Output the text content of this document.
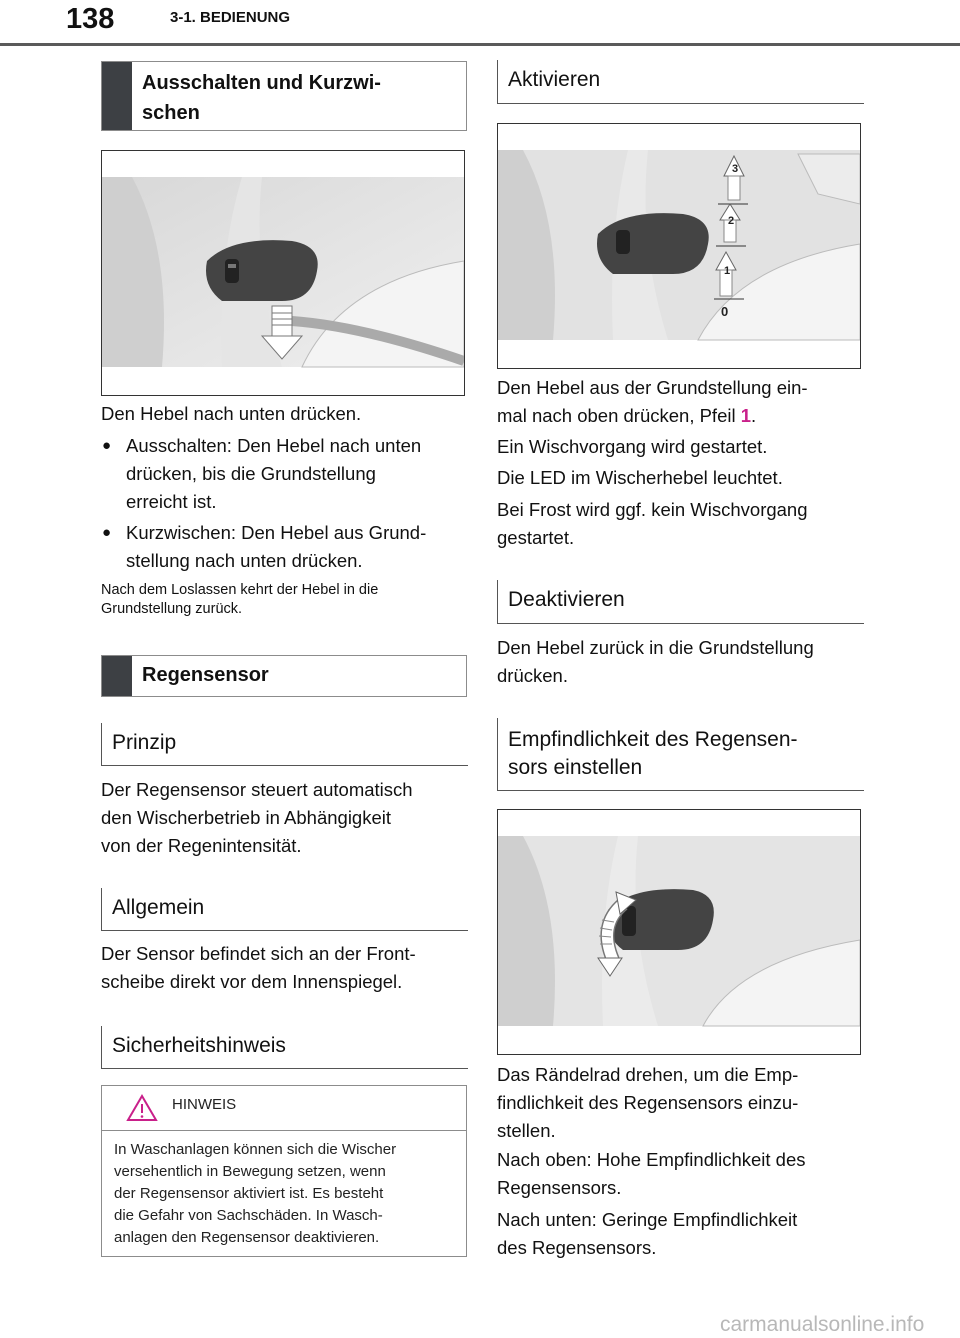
138	3-1. BEDIENUNG
Ausschalten und Kurzwi-
schen
Den Hebel nach unten drücken.
● Ausschalten: Den Hebel nach unten
drücken, bis die Grundstellung
erreicht ist.
● Kurzwischen: Den Hebel aus Grund-
stellung nach unten drücken.
Nach dem Loslassen kehrt der Hebel in die
Grundstellung zurück.
Regensensor
Prinzip
Der Regensensor steuert automatisch
den Wischerbetrieb in Abhängigkeit
von der Regenintensität.
Allgemein
Der Sensor befindet sich an der Front-
scheibe direkt vor dem Innenspiegel.
Sicherheitshinweis
HINWEIS
In Waschanlagen können sich die Wischer
versehentlich in Bewegung setzen, wenn
der Regensensor aktiviert ist. Es besteht
die Gefahr von Sachschäden. In Wasch-
anlagen den Regensensor deaktivieren.
Aktivieren
3
2
1
0
Den Hebel aus der Grundstellung ein-
mal nach oben drücken, Pfeil 1.
Ein Wischvorgang wird gestartet.
Die LED im Wischerhebel leuchtet.
Bei Frost wird ggf. kein Wischvorgang
gestartet.
Deaktivieren
Den Hebel zurück in die Grundstellung
drücken.
Empfindlichkeit des Regensen-
sors einstellen
Das Rändelrad drehen, um die Emp-
findlichkeit des Regensensors einzu-
stellen.
Nach oben: Hohe Empfindlichkeit des
Regensensors.
Nach unten: Geringe Empfindlichkeit
des Regensensors.
carmanualsonline.info
